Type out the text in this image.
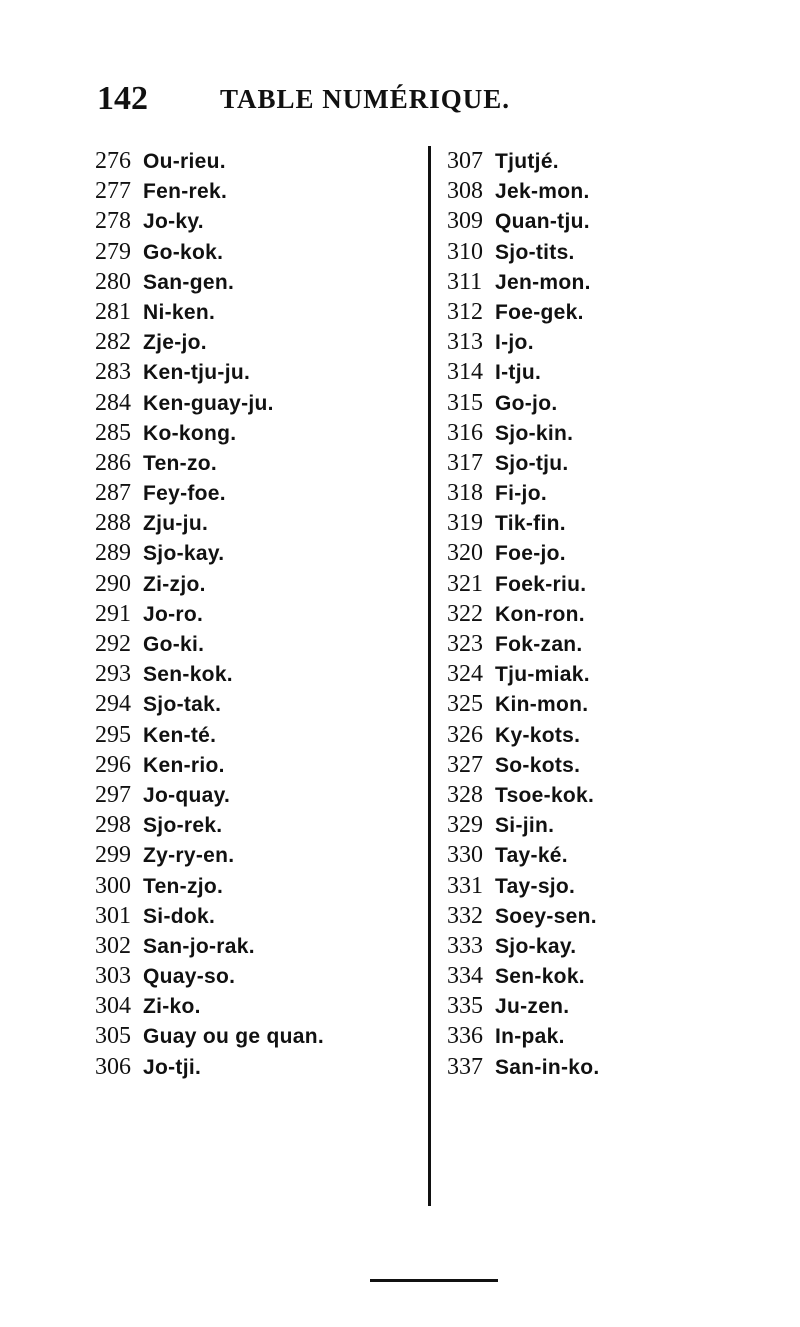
142	TABLE NUMÉRIQUE.
276 Ou-rieu.
277 Fen-rek.
278 Jo-ky.
279 Go-kok.
280 San-gen.
281 Ni-ken.
282 Zje-jo.
283 Ken-tju-ju.
284 Ken-guay-ju.
285 Ko-kong.
286 Ten-zo.
287 Fey-foe.
288 Zju-ju.
289 Sjo-kay.
290 Zi-zjo.
291 Jo-ro.
292 Go-ki.
293 Sen-kok.
294 Sjo-tak.
295 Ken-té.
296 Ken-rio.
297 Jo-quay.
298 Sjo-rek.
299 Zy-ry-en.
300 Ten-zjo.
301 Si-dok.
302 San-jo-rak.
303 Quay-so.
304 Zi-ko.
305 Guay ou ge quan.
306 Jo-tji.
307 Tjutjé.
308 Jek-mon.
309 Quan-tju.
310 Sjo-tits.
311 Jen-mon.
312 Foe-gek.
313 I-jo.
314 I-tju.
315 Go-jo.
316 Sjo-kin.
317 Sjo-tju.
318 Fi-jo.
319 Tik-fin.
320 Foe-jo.
321 Foek-riu.
322 Kon-ron.
323 Fok-zan.
324 Tju-miak.
325 Kin-mon.
326 Ky-kots.
327 So-kots.
328 Tsoe-kok.
329 Si-jin.
330 Tay-ké.
331 Tay-sjo.
332 Soey-sen.
333 Sjo-kay.
334 Sen-kok.
335 Ju-zen.
336 In-pak.
337 San-in-ko.
